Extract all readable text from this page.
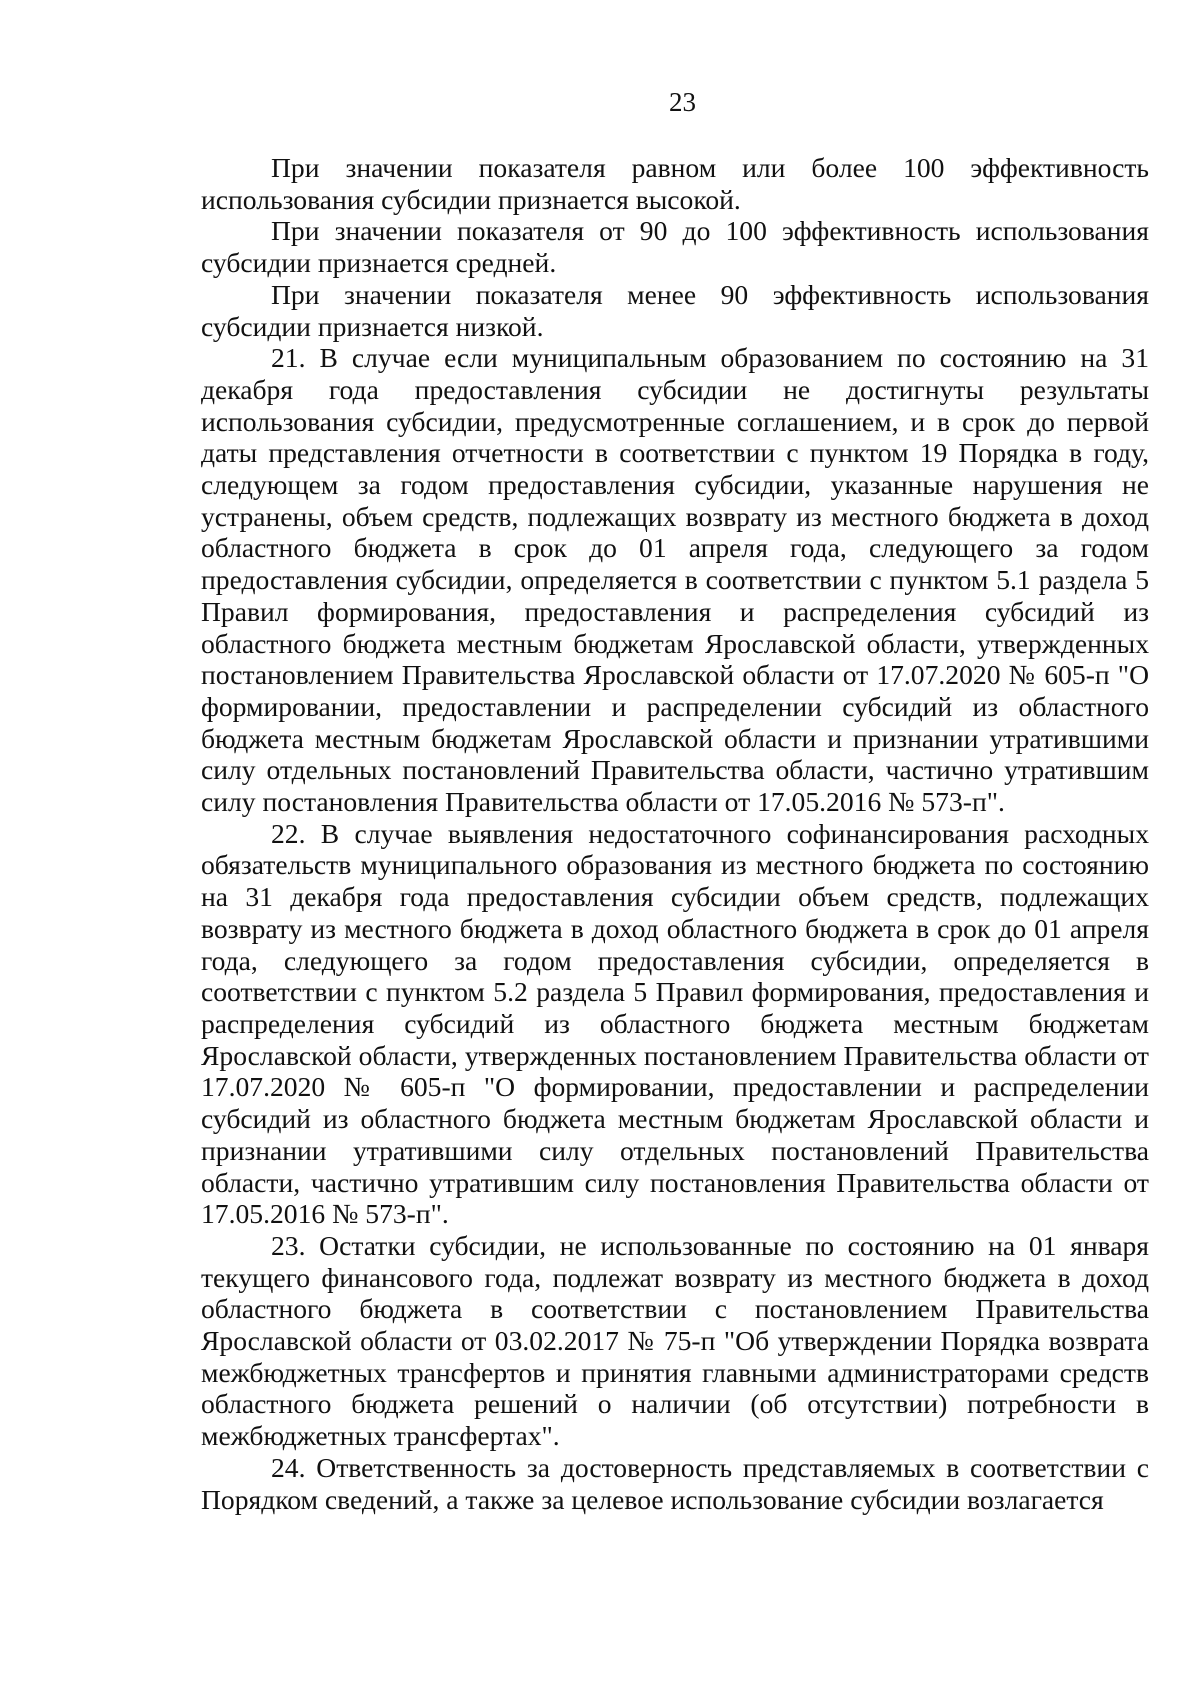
23

При значении показателя равном или более 100 эффективность использования субсидии признается высокой.

При значении показателя от 90 до 100 эффективность использования субсидии признается средней.

При значении показателя менее 90 эффективность использования субсидии признается низкой.

21. В случае если муниципальным образованием по состоянию на 31 декабря года предоставления субсидии не достигнуты результаты использования субсидии, предусмотренные соглашением, и в срок до первой даты представления отчетности в соответствии с пунктом 19 Порядка в году, следующем за годом предоставления субсидии, указанные нарушения не устранены, объем средств, подлежащих возврату из местного бюджета в доход областного бюджета в срок до 01 апреля года, следующего за годом предоставления субсидии, определяется в соответствии с пунктом 5.1 раздела 5 Правил формирования, предоставления и распределения субсидий из областного бюджета местным бюджетам Ярославской области, утвержденных постановлением Правительства Ярославской области от 17.07.2020 № 605-п "О формировании, предоставлении и распределении субсидий из областного бюджета местным бюджетам Ярославской области и признании утратившими силу отдельных постановлений Правительства области, частично утратившим силу постановления Правительства области от 17.05.2016 № 573-п".

22. В случае выявления недостаточного софинансирования расходных обязательств муниципального образования из местного бюджета по состоянию на 31 декабря года предоставления субсидии объем средств, подлежащих возврату из местного бюджета в доход областного бюджета в срок до 01 апреля года, следующего за годом предоставления субсидии, определяется в соответствии с пунктом 5.2 раздела 5 Правил формирования, предоставления и распределения субсидий из областного бюджета местным бюджетам Ярославской области, утвержденных постановлением Правительства области от 17.07.2020 № 605-п "О формировании, предоставлении и распределении субсидий из областного бюджета местным бюджетам Ярославской области и признании утратившими силу отдельных постановлений Правительства области, частично утратившим силу постановления Правительства области от 17.05.2016 № 573-п".

23. Остатки субсидии, не использованные по состоянию на 01 января текущего финансового года, подлежат возврату из местного бюджета в доход областного бюджета в соответствии с постановлением Правительства Ярославской области от 03.02.2017 № 75-п "Об утверждении Порядка возврата межбюджетных трансфертов и принятия главными администраторами средств областного бюджета решений о наличии (об отсутствии) потребности в межбюджетных трансфертах".

24. Ответственность за достоверность представляемых в соответствии с Порядком сведений, а также за целевое использование субсидии возлагается
